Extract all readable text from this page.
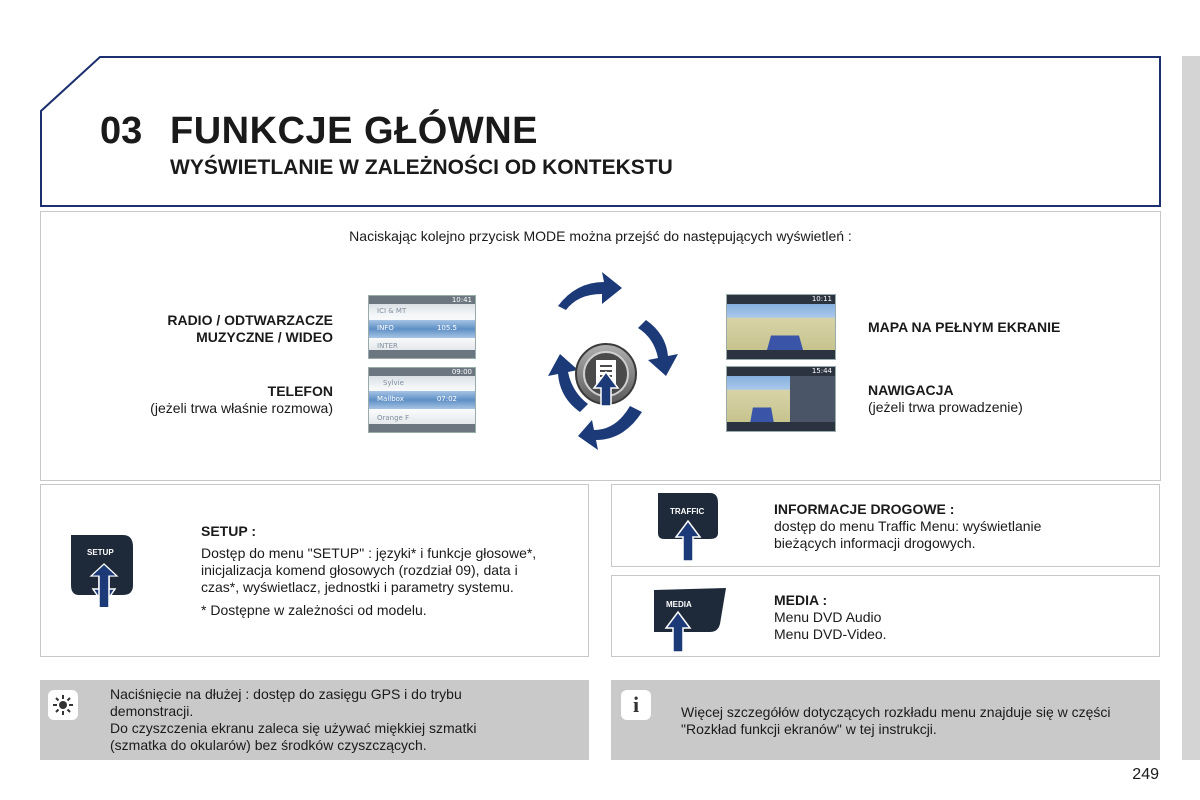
03 FUNKCJE GŁÓWNE
WYŚWIETLANIE W ZALEŻNOŚCI OD KONTEKSTU
Naciskając kolejno przycisk MODE można przejść do następujących wyświetleń :
RADIO / ODTWARZACZE
MUZYCZNE / WIDEO
TELEFON
(jeżeli trwa właśnie rozmowa)
MAPA NA PEŁNYM EKRANIE
NAWIGACJA
(jeżeli trwa prowadzenie)
10:41
ICI & MT
INFO	105.5
INTER
09:00
Sylvie
Mailbox	07:02
Orange F
10:11
15:44
SETUP
SETUP :
Dostęp do menu "SETUP" : języki* i funkcje głosowe*,
inicjalizacja komend głosowych (rozdział 09), data i
czas*, wyświetlacz, jednostki i parametry systemu.
* Dostępne w zależności od modelu.
TRAFFIC	INFORMACJE DROGOWE :
dostęp do menu Traffic Menu: wyświetlanie
bieżących informacji drogowych.
MEDIA	MEDIA :
Menu DVD Audio
Menu DVD-Video.
Naciśnięcie na dłużej : dostęp do zasięgu GPS i do trybu
demonstracji.
Do czyszczenia ekranu zaleca się używać miękkiej szmatki
(szmatka do okularów) bez środków czyszczących.
i	Więcej szczegółów dotyczących rozkładu menu znajduje się w części
"Rozkład funkcji ekranów" w tej instrukcji.
249
